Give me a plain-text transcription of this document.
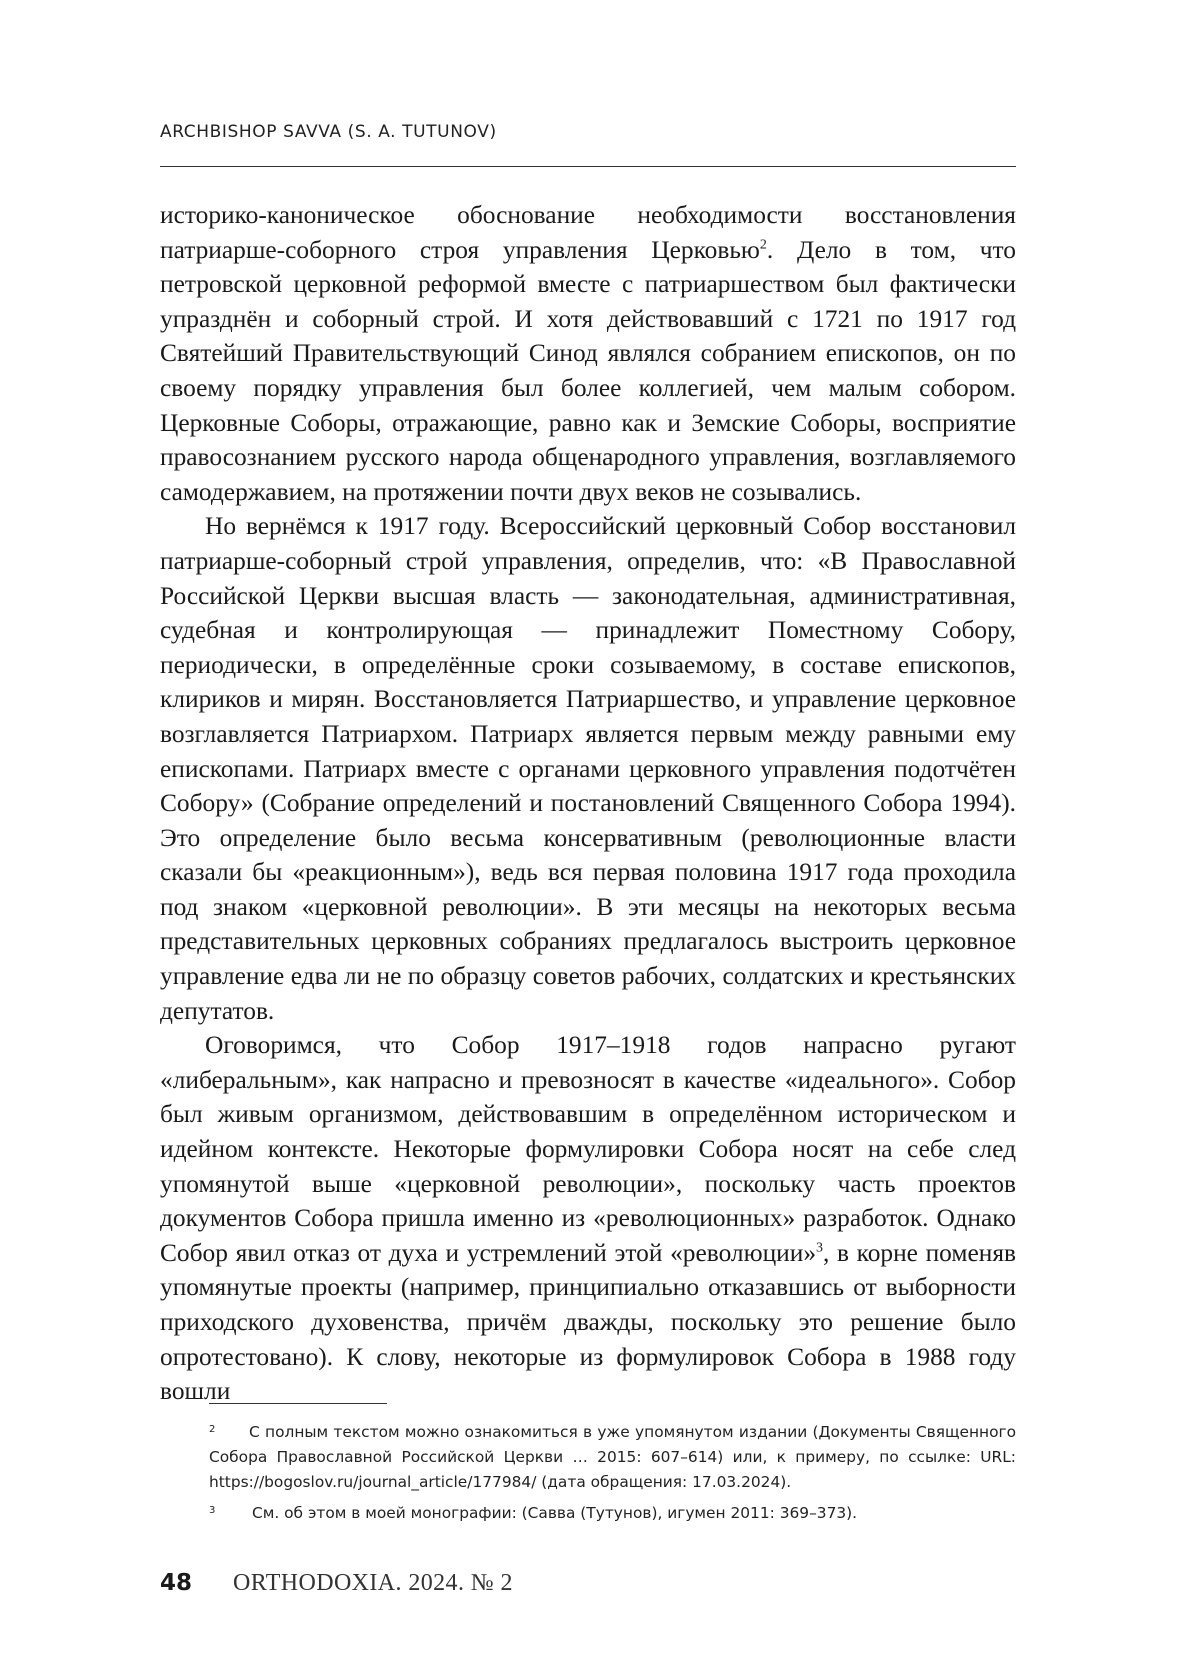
ARCHBISHOP SAVVA (S. A. TUTUNOV)

историко-каноническое обоснование необходимости восстановления патриарше-соборного строя управления Церковью$^2$. Дело в том, что петровской церковной реформой вместе с патриаршеством был фактически упразднён и соборный строй. И хотя действовавший с 1721 по 1917 год Святейший Правительствующий Синод являлся собранием епископов, он по своему порядку управления был более коллегией, чем малым собором. Церковные Соборы, отражающие, равно как и Земские Соборы, восприятие правосознанием русского народа общенародного управления, возглавляемого самодержавием, на протяжении почти двух веков не созывались.

Но вернёмся к 1917 году. Всероссийский церковный Собор восстановил патриарше-соборный строй управления, определив, что: «В Православной Российской Церкви высшая власть — законодательная, административная, судебная и контролирующая — принадлежит Поместному Собору, периодически, в определённые сроки созываемому, в составе епископов, клириков и мирян. Восстановляется Патриаршество, и управление церковное возглавляется Патриархом. Патриарх является первым между равными ему епископами. Патриарх вместе с органами церковного управления подотчётен Собору» (Собрание определений и постановлений Священного Собора 1994). Это определение было весьма консервативным (революционные власти сказали бы «реакционным»), ведь вся первая половина 1917 года проходила под знаком «церковной революции». В эти месяцы на некоторых весьма представительных церковных собраниях предлагалось выстроить церковное управление едва ли не по образцу советов рабочих, солдатских и крестьянских депутатов.

Оговоримся, что Собор 1917–1918 годов напрасно ругают «либеральным», как напрасно и превозносят в качестве «идеального». Собор был живым организмом, действовавшим в определённом историческом и идейном контексте. Некоторые формулировки Собора носят на себе след упомянутой выше «церковной революции», поскольку часть проектов документов Собора пришла именно из «революционных» разработок. Однако Собор явил отказ от духа и устремлений этой «революции»$^3$, в корне поменяв упомянутые проекты (например, принципиально отказавшись от выборности приходского духовенства, причём дважды, поскольку это решение было опротестовано). К слову, некоторые из формулировок Собора в 1988 году вошли

2	С полным текстом можно ознакомиться в уже упомянутом издании (Документы Священного Собора Православной Российской Церкви … 2015: 607–614) или, к примеру, по ссылке: URL: https://bogoslov.ru/journal_article/177984/ (дата обращения: 17.03.2024).
3	См. об этом в моей монографии: (Савва (Тутунов), игумен 2011: 369–373).
48 ORTHODOXIA. 2024. № 2
